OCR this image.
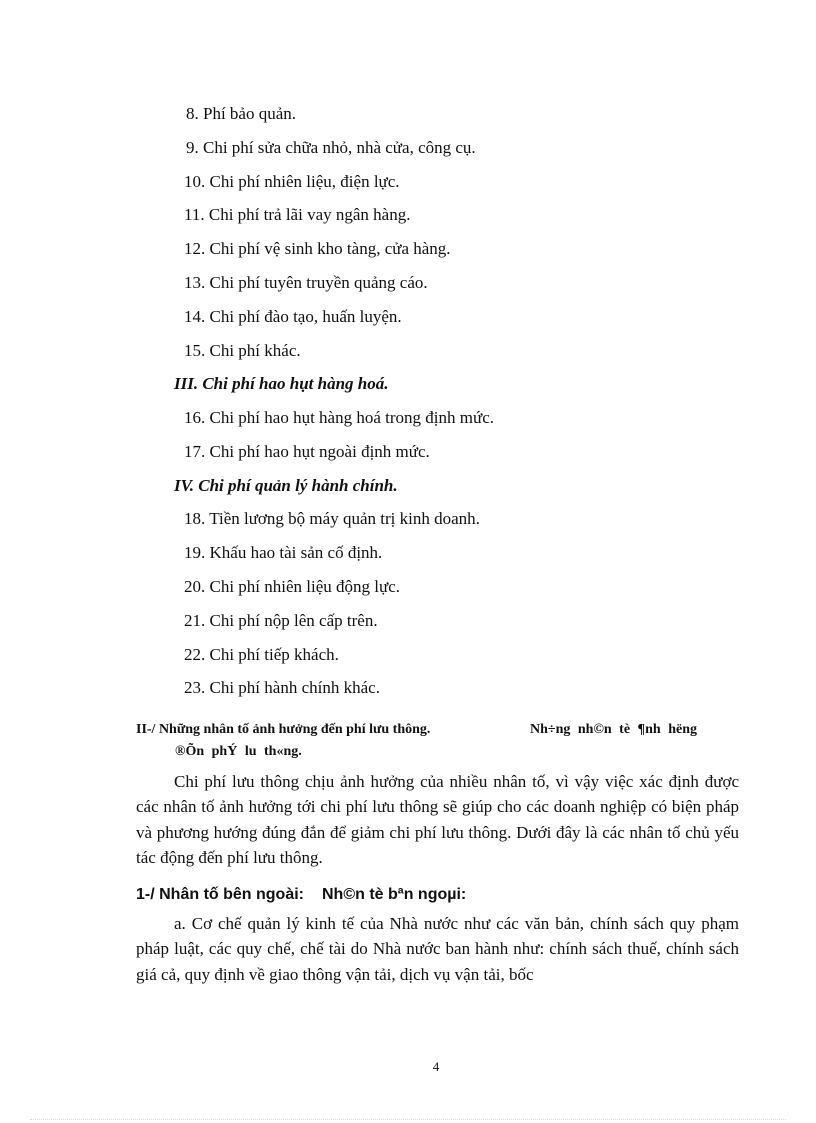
8. Phí bảo quản.
9. Chi phí sửa chữa nhỏ, nhà cửa, công cụ.
10. Chi phí nhiên liệu, điện lực.
11. Chi phí trả lãi vay ngân hàng.
12. Chi phí vệ sinh kho tàng, cửa hàng.
13. Chi phí tuyên truyền quảng cáo.
14. Chi phí đào tạo, huấn luyện.
15. Chi phí khác.
III. Chi phí hao hụt hàng hoá.
16. Chi phí hao hụt hàng hoá trong định mức.
17. Chi phí hao hụt ngoài định mức.
IV. Chi phí quản lý hành chính.
18. Tiền lương bộ máy quản trị kinh doanh.
19. Khấu hao tài sản cố định.
20. Chi phí nhiên liệu động lực.
21. Chi phí nộp lên cấp trên.
22. Chi phí tiếp khách.
23. Chi phí hành chính khác.
II-/ Những nhân tố ảnh hưởng đến phí lưu thông.	Nh÷ng nh©n tè ¶nh hëng
®Õn phÝ lu th«ng.

Chi phí lưu thông chịu ảnh hưởng của nhiều nhân tố, vì vậy việc xác định được các nhân tố ảnh hưởng tới chi phí lưu thông sẽ giúp cho các doanh nghiệp có biện pháp và phương hướng đúng đắn để giảm chi phí lưu thông. Dưới đây là các nhân tố chủ yếu tác động đến phí lưu thông.

1-/ Nhân tố bên ngoài: Nh©n tè bªn ngoµi:

a. Cơ chế quản lý kinh tế của Nhà nước như các văn bản, chính sách quy phạm pháp luật, các quy chế, chế tài do Nhà nước ban hành như: chính sách thuế, chính sách giá cả, quy định về giao thông vận tải, dịch vụ vận tải, bốc

4
